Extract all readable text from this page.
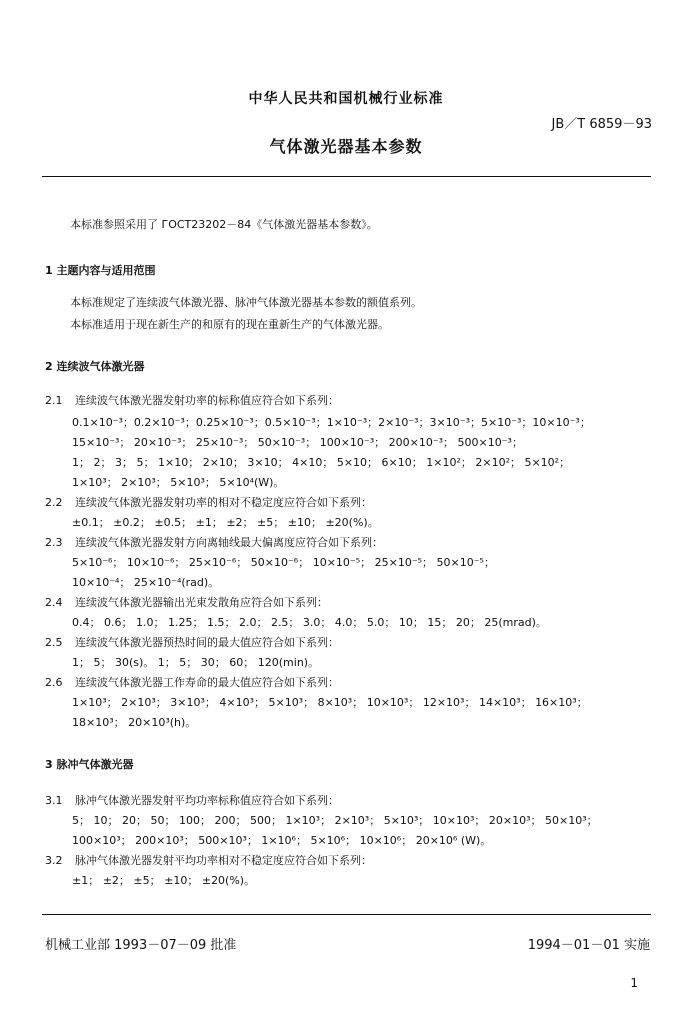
中华人民共和国机械行业标准
JB／T 6859－93
气体激光器基本参数
本标准参照采用了 ГОСТ23202－84《气体激光器基本参数》。
1 主题内容与适用范围
本标准规定了连续波气体激光器、脉冲气体激光器基本参数的额值系列。
本标准适用于现在新生产的和原有的现在重新生产的气体激光器。
2 连续波气体激光器
2.1 连续波气体激光器发射功率的标称值应符合如下系列：
0.1×10⁻³；0.2×10⁻³；0.25×10⁻³；0.5×10⁻³；1×10⁻³；2×10⁻³；3×10⁻³；5×10⁻³；10×10⁻³；
15×10⁻³； 20×10⁻³； 25×10⁻³； 50×10⁻³； 100×10⁻³； 200×10⁻³； 500×10⁻³；
1； 2； 3； 5； 1×10； 2×10； 3×10； 4×10； 5×10； 6×10； 1×10²； 2×10²； 5×10²；
1×10³； 2×10³； 5×10³； 5×10⁴(W)。
2.2 连续波气体激光器发射功率的相对不稳定度应符合如下系列：
±0.1； ±0.2； ±0.5； ±1； ±2； ±5； ±10； ±20(%)。
2.3 连续波气体激光器发射方向离轴线最大偏离度应符合如下系列：
5×10⁻⁶； 10×10⁻⁶； 25×10⁻⁶； 50×10⁻⁶； 10×10⁻⁵； 25×10⁻⁵； 50×10⁻⁵；
10×10⁻⁴； 25×10⁻⁴(rad)。
2.4 连续波气体激光器输出光束发散角应符合如下系列：
0.4； 0.6； 1.0； 1.25； 1.5； 2.0； 2.5； 3.0； 4.0； 5.0； 10； 15； 20； 25(mrad)。
2.5 连续波气体激光器预热时间的最大值应符合如下系列：
1； 5； 30(s)。 1； 5； 30； 60； 120(min)。
2.6 连续波气体激光器工作寿命的最大值应符合如下系列：
1×10³； 2×10³； 3×10³； 4×10³； 5×10³； 8×10³； 10×10³； 12×10³； 14×10³； 16×10³；
18×10³； 20×10³(h)。
3 脉冲气体激光器
3.1 脉冲气体激光器发射平均功率标称值应符合如下系列：
5； 10； 20； 50； 100； 200； 500； 1×10³； 2×10³； 5×10³； 10×10³； 20×10³； 50×10³；
100×10³； 200×10³； 500×10³； 1×10⁶； 5×10⁶； 10×10⁶； 20×10⁶ (W)。
3.2 脉冲气体激光器发射平均功率相对不稳定度应符合如下系列：
±1； ±2； ±5； ±10； ±20(%)。
机械工业部 1993－07－09 批准	1994－01－01 实施
1
